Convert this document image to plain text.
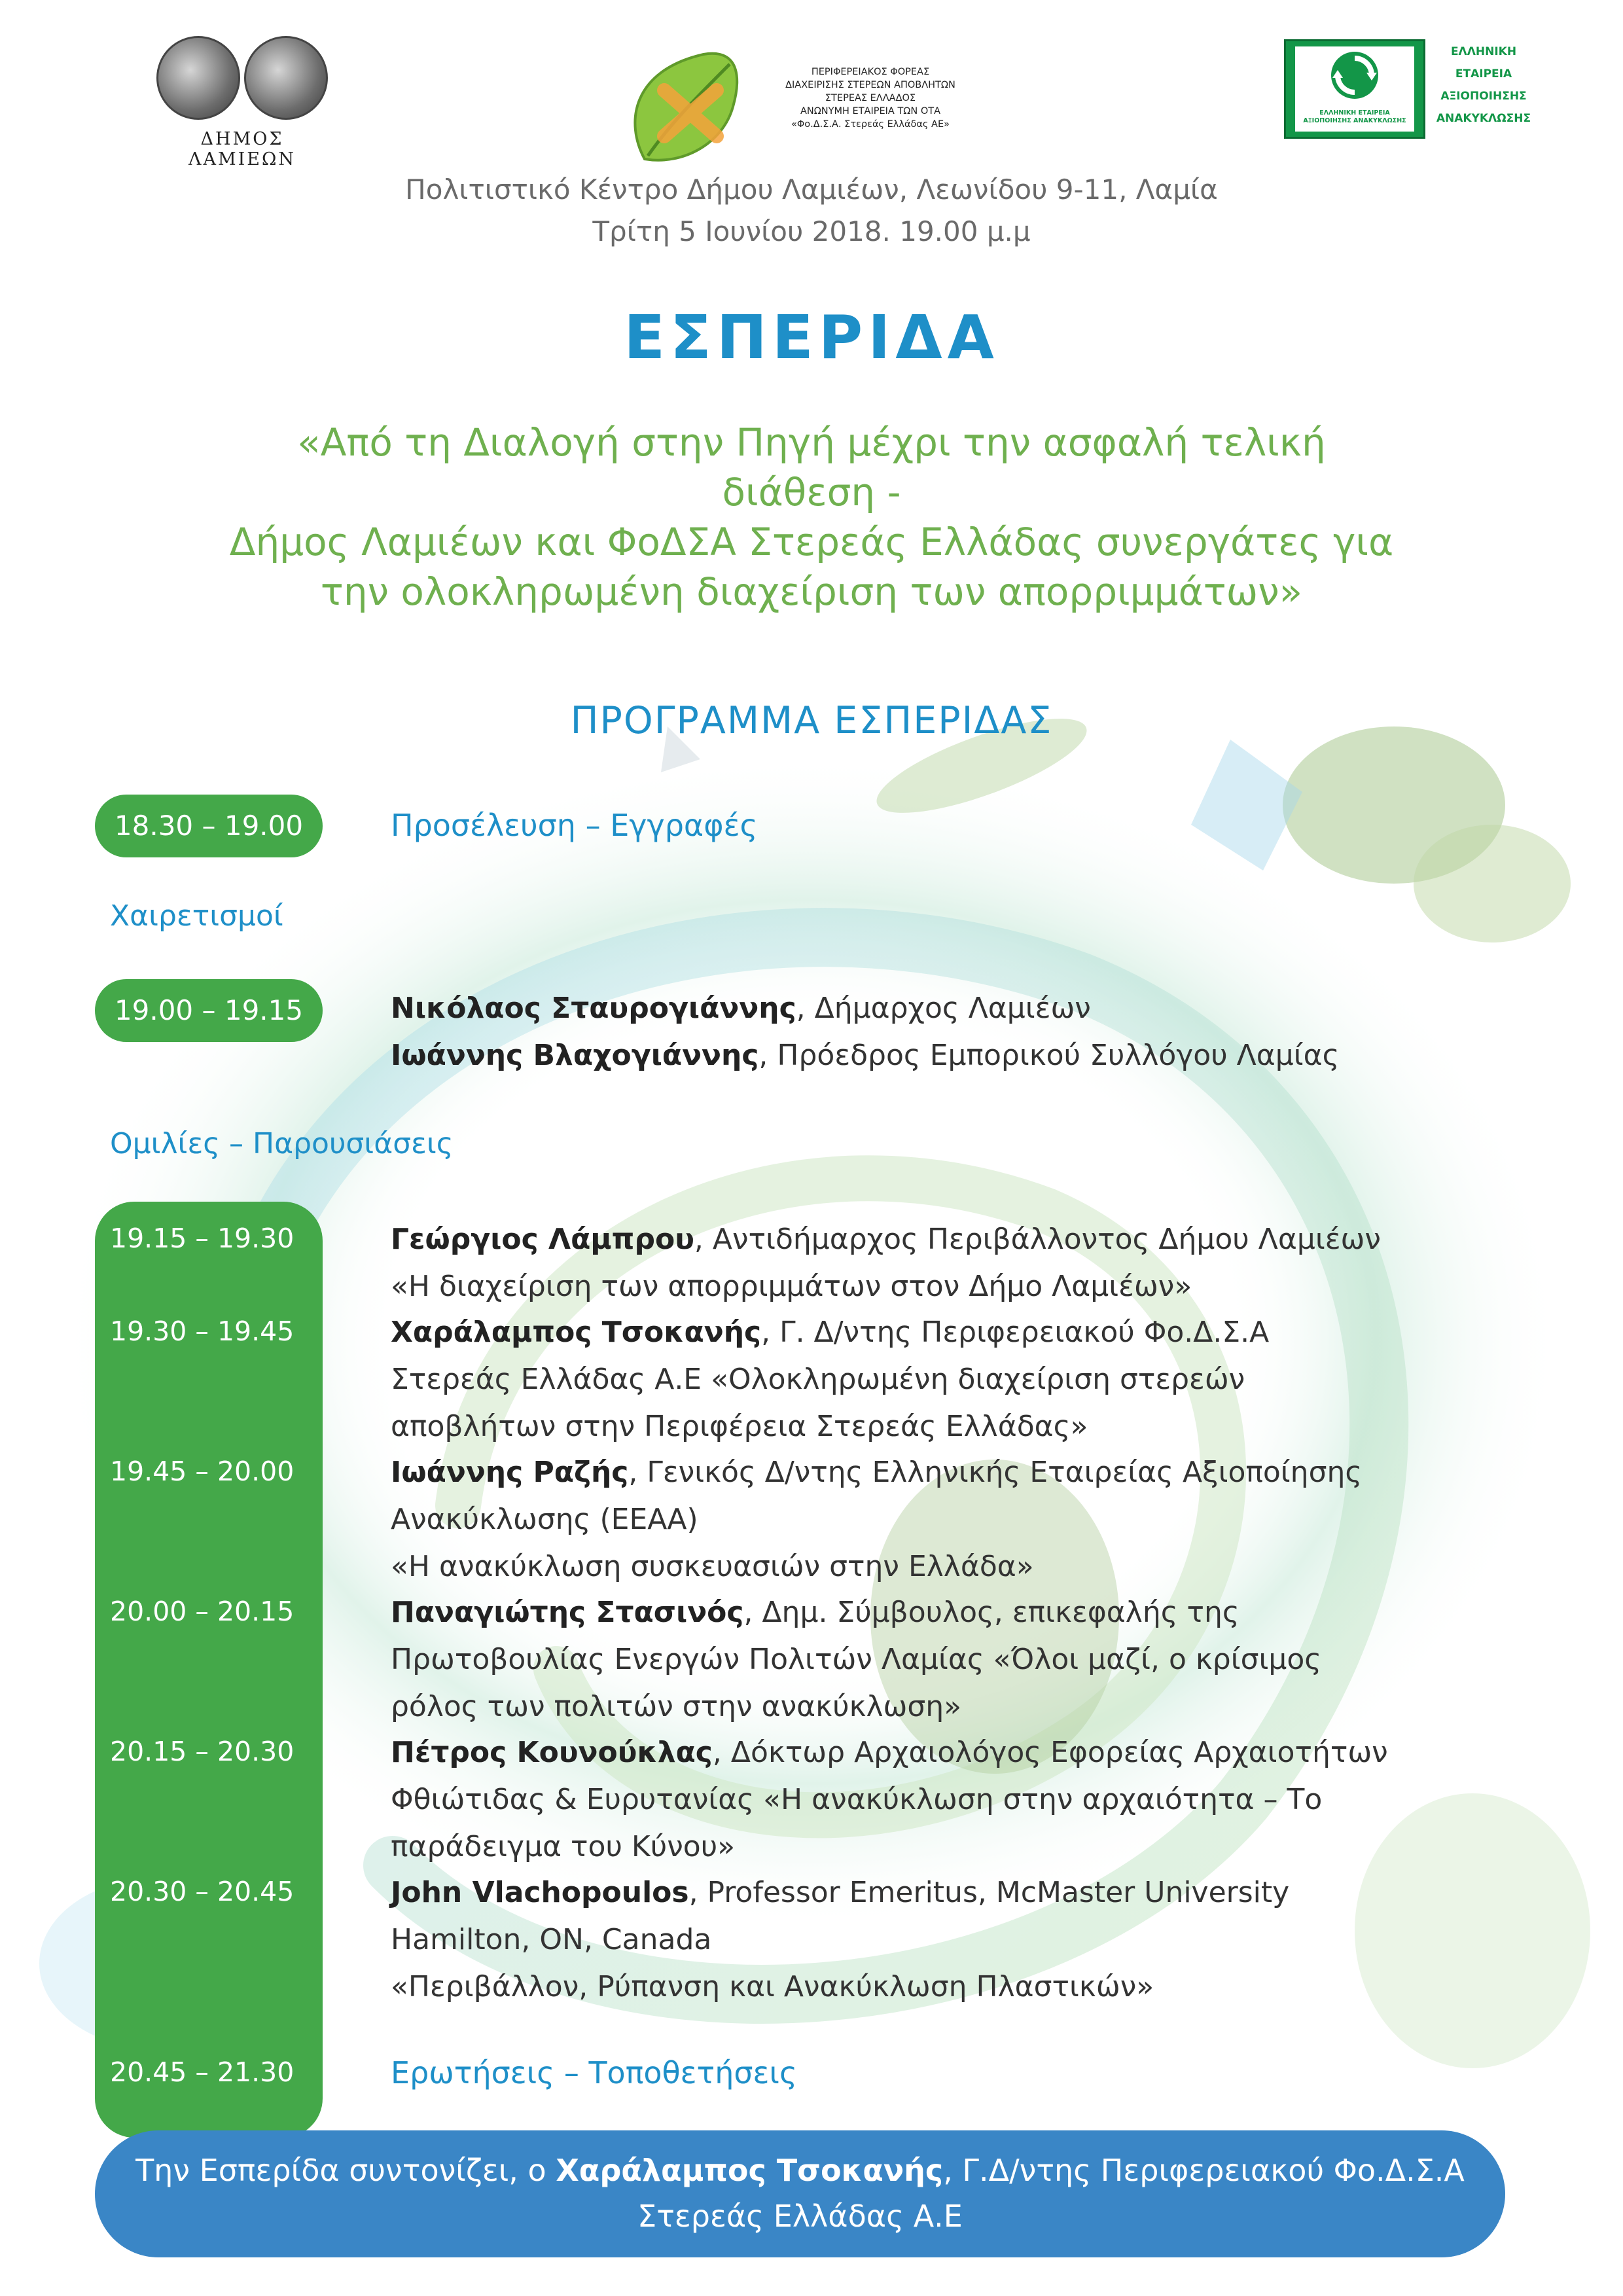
ΔΗΜΟΣ ΛΑΜΙΕΩΝ
ΠΕΡΙΦΕΡΕΙΑΚΟΣ ΦΟΡΕΑΣ
ΔΙΑΧΕΙΡΙΣΗΣ ΣΤΕΡΕΩΝ ΑΠΟΒΛΗΤΩΝ
ΣΤΕΡΕΑΣ ΕΛΛΑΔΟΣ
ΑΝΩΝΥΜΗ ΕΤΑΙΡΕΙΑ ΤΩΝ ΟΤΑ
«Φο.Δ.Σ.Α. Στερεάς Ελλάδας ΑΕ»
ΕΛΛΗΝΙΚΗ ΕΤΑΙΡΕΙΑ
ΑΞΙΟΠΟΙΗΣΗΣ ΑΝΑΚΥΚΛΩΣΗΣ
ΕΛΛΗΝΙΚΗ
ΕΤΑΙΡΕΙΑ
ΑΞΙΟΠΟΙΗΣΗΣ
ΑΝΑΚΥΚΛΩΣΗΣ
Πολιτιστικό Κέντρο Δήμου Λαμιέων, Λεωνίδου 9-11, Λαμία
Τρίτη 5 Ιουνίου 2018. 19.00 μ.μ
ΕΣΠΕΡΙΔΑ
«Από τη Διαλογή στην Πηγή μέχρι την ασφαλή τελική
διάθεση -
Δήμος Λαμιέων και ΦοΔΣΑ Στερεάς Ελλάδας συνεργάτες για
την ολοκληρωμένη διαχείριση των απορριμμάτων»
ΠΡΟΓΡΑΜΜΑ ΕΣΠΕΡΙΔΑΣ
18.30 – 19.00	Προσέλευση – Εγγραφές
Χαιρετισμοί
19.00 – 19.15	Νικόλαος Σταυρογιάννης, Δήμαρχος Λαμιέων
Ιωάννης Βλαχογιάννης, Πρόεδρος Εμπορικού Συλλόγου Λαμίας
Ομιλίες – Παρουσιάσεις
19.15 – 19.30	Γεώργιος Λάμπρου, Αντιδήμαρχος Περιβάλλοντος Δήμου Λαμιέων
«Η διαχείριση των απορριμμάτων στον Δήμο Λαμιέων»
19.30 – 19.45	Χαράλαμπος Τσοκανής, Γ. Δ/ντης Περιφερειακού Φο.Δ.Σ.Α
Στερεάς Ελλάδας Α.Ε «Ολοκληρωμένη διαχείριση στερεών
αποβλήτων στην Περιφέρεια Στερεάς Ελλάδας»
19.45 – 20.00	Ιωάννης Ραζής, Γενικός Δ/ντης Ελληνικής Εταιρείας Αξιοποίησης
Ανακύκλωσης (ΕΕΑΑ)
«Η ανακύκλωση συσκευασιών στην Ελλάδα»
20.00 – 20.15	Παναγιώτης Στασινός, Δημ. Σύμβουλος, επικεφαλής της
Πρωτοβουλίας Ενεργών Πολιτών Λαμίας «Όλοι μαζί, ο κρίσιμος
ρόλος των πολιτών στην ανακύκλωση»
20.15 – 20.30	Πέτρος Κουνούκλας, Δόκτωρ Αρχαιολόγος Εφορείας Αρχαιοτήτων
Φθιώτιδας & Ευρυτανίας «Η ανακύκλωση στην αρχαιότητα – Το
παράδειγμα του Κύνου»
20.30 – 20.45	John Vlachopoulos, Professor Emeritus, McMaster University
Hamilton, ON, Canada
«Περιβάλλον, Ρύπανση και Ανακύκλωση Πλαστικών»
20.45 – 21.30	Ερωτήσεις – Τοποθετήσεις
Την Εσπερίδα συντονίζει, ο Χαράλαμπος Τσοκανής, Γ.Δ/ντης Περιφερειακού Φο.Δ.Σ.Α
Στερεάς Ελλάδας Α.Ε
